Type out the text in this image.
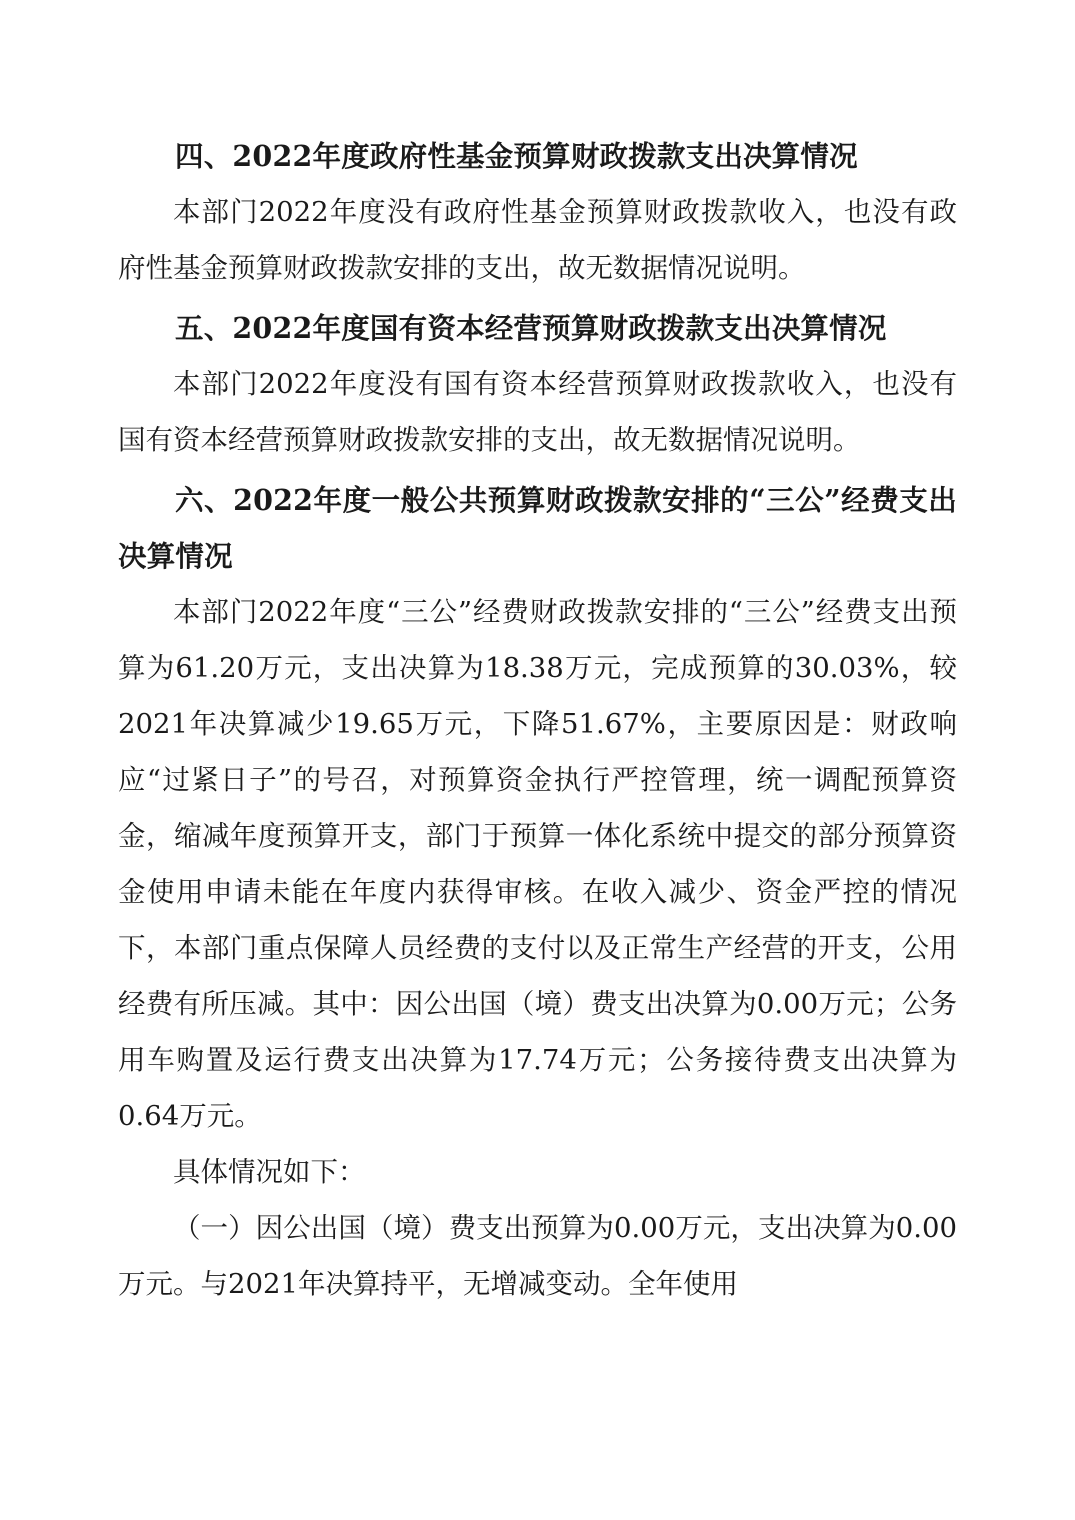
四、2022年度政府性基金预算财政拨款支出决算情况

本部门2022年度没有政府性基金预算财政拨款收入，也没有政府性基金预算财政拨款安排的支出，故无数据情况说明。

五、2022年度国有资本经营预算财政拨款支出决算情况

本部门2022年度没有国有资本经营预算财政拨款收入，也没有国有资本经营预算财政拨款安排的支出，故无数据情况说明。

六、2022年度一般公共预算财政拨款安排的“三公”经费支出决算情况

本部门2022年度“三公”经费财政拨款安排的“三公”经费支出预算为61.20万元，支出决算为18.38万元，完成预算的30.03%，较2021年决算减少19.65万元，下降51.67%，主要原因是：财政响应“过紧日子”的号召，对预算资金执行严控管理，统一调配预算资金，缩减年度预算开支，部门于预算一体化系统中提交的部分预算资金使用申请未能在年度内获得审核。在收入减少、资金严控的情况下，本部门重点保障人员经费的支付以及正常生产经营的开支，公用经费有所压减。其中：因公出国（境）费支出决算为0.00万元；公务用车购置及运行费支出决算为17.74万元；公务接待费支出决算为0.64万元。

具体情况如下：

（一）因公出国（境）费支出预算为0.00万元，支出决算为0.00万元。与2021年决算持平，无增减变动。全年使用
